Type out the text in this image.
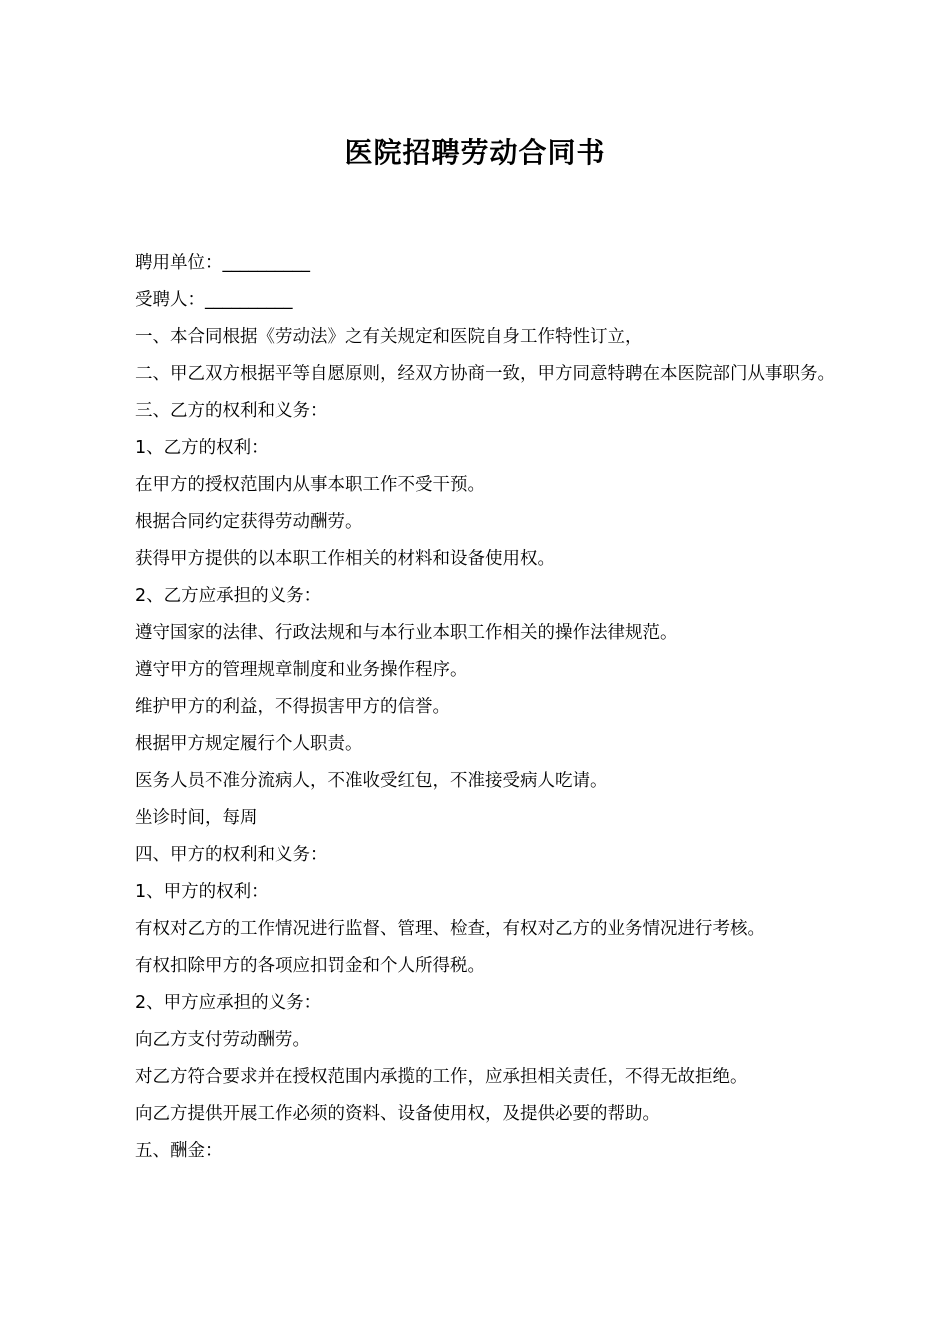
医院招聘劳动合同书
聘用单位：__________
受聘人：__________
一、本合同根据《劳动法》之有关规定和医院自身工作特性订立，
二、甲乙双方根据平等自愿原则，经双方协商一致，甲方同意特聘在本医院部门从事职务。
三、乙方的权利和义务：
1、乙方的权利：
在甲方的授权范围内从事本职工作不受干预。
根据合同约定获得劳动酬劳。
获得甲方提供的以本职工作相关的材料和设备使用权。
2、乙方应承担的义务：
遵守国家的法律、行政法规和与本行业本职工作相关的操作法律规范。
遵守甲方的管理规章制度和业务操作程序。
维护甲方的利益，不得损害甲方的信誉。
根据甲方规定履行个人职责。
医务人员不准分流病人，不准收受红包，不准接受病人吃请。
坐诊时间，每周
四、甲方的权利和义务：
1、甲方的权利：
有权对乙方的工作情况进行监督、管理、检查，有权对乙方的业务情况进行考核。
有权扣除甲方的各项应扣罚金和个人所得税。
2、甲方应承担的义务：
向乙方支付劳动酬劳。
对乙方符合要求并在授权范围内承揽的工作，应承担相关责任，不得无故拒绝。
向乙方提供开展工作必须的资料、设备使用权，及提供必要的帮助。
五、酬金：
